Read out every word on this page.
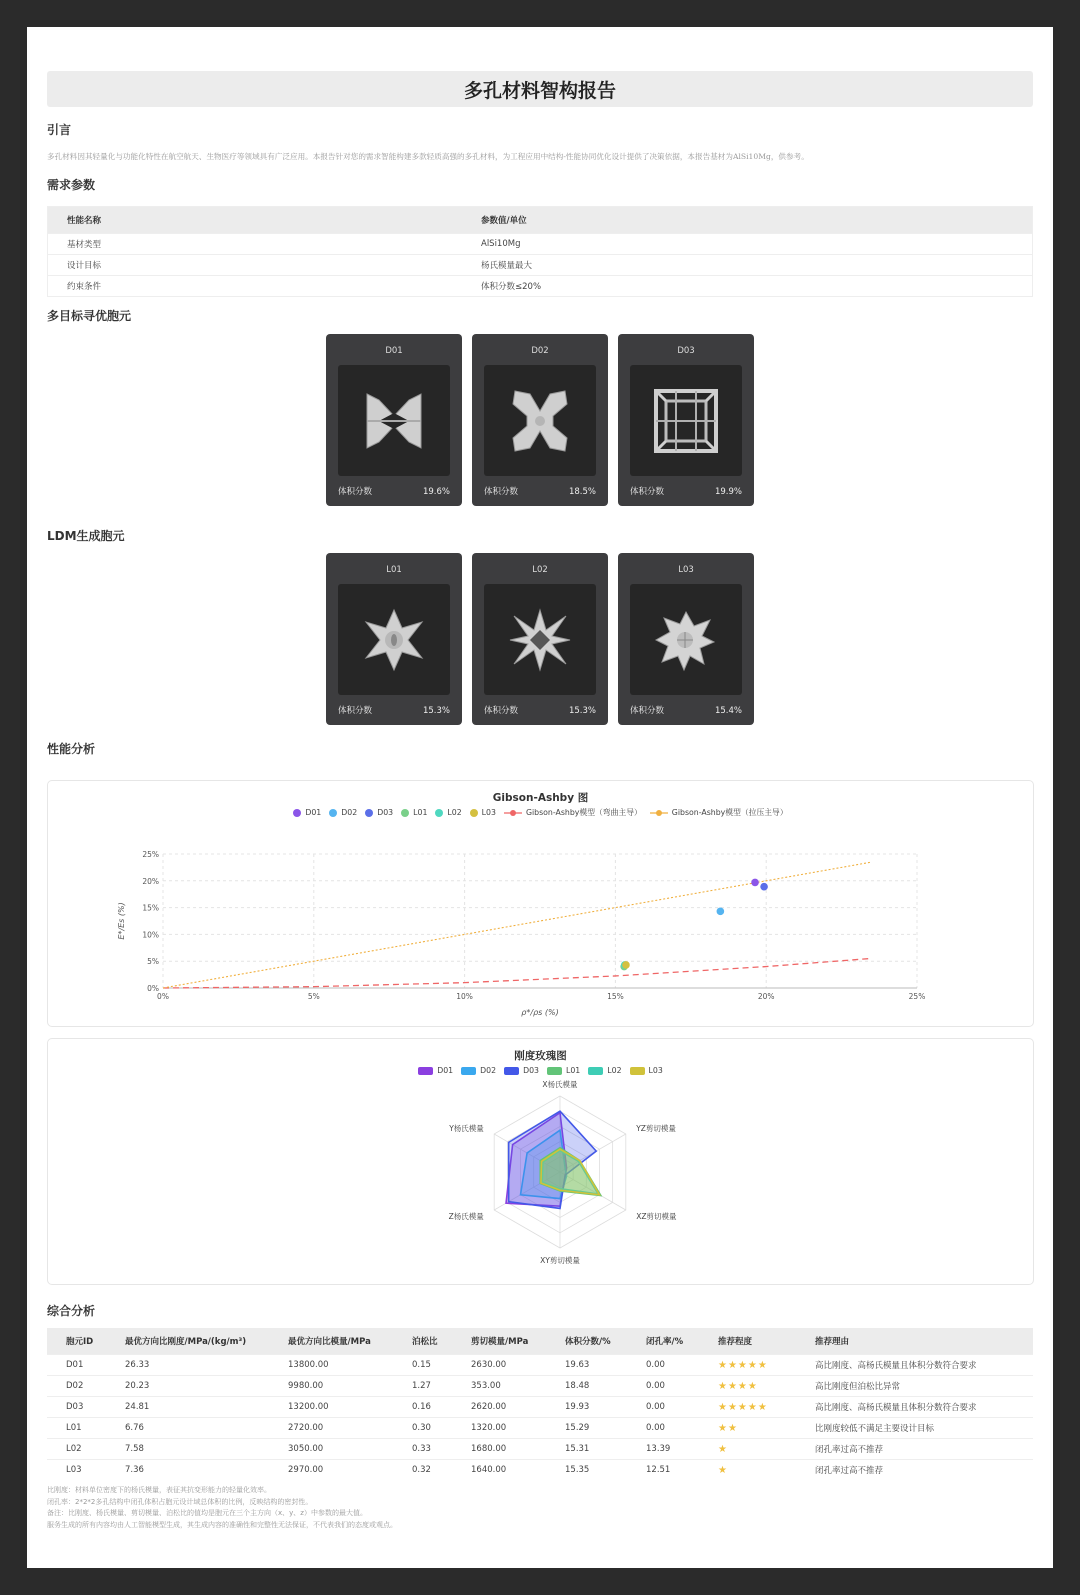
多孔材料智构报告
引言
多孔材料因其轻量化与功能化特性在航空航天、生物医疗等领域具有广泛应用。本报告针对您的需求智能构建多款轻质高强的多孔材料，为工程应用中结构-性能协同优化设计提供了决策依据，本报告基材为AlSi10Mg，供参考。
需求参数
性能名称	参数值/单位
基材类型	AlSi10Mg
设计目标	杨氏模量最大
约束条件	体积分数≤20%
多目标寻优胞元
D01
体积分数	19.6%
D02
体积分数	18.5%
D03
体积分数	19.9%
LDM生成胞元
L01
体积分数	15.3%
L02
体积分数	15.3%
L03
体积分数	15.4%
性能分析
Gibson-Ashby 图
D01	D02	D03	L01	L02	L03	Gibson-Ashby模型（弯曲主导）	Gibson-Ashby模型（拉压主导）
0%	5%	10%	15%	20%	25%
0%
5%
10%
15%
20%
25%
ρ*/ρs (%)
E*/Es (%)
刚度玫瑰图
D01	D02	D03	L01	L02	L03
X杨氏模量
YZ剪切模量
XZ剪切模量
XY剪切模量
Z杨氏模量
Y杨氏模量
综合分析
胞元ID	最优方向比刚度/MPa/(kg/m³)	最优方向比模量/MPa	泊松比	剪切模量/MPa	体积分数/%	闭孔率/%	推荐程度	推荐理由
D01	26.33	13800.00	0.15	2630.00	19.63	0.00	★★★★★	高比刚度、高杨氏模量且体积分数符合要求
D02	20.23	9980.00	1.27	353.00	18.48	0.00	★★★★	高比刚度但泊松比异常
D03	24.81	13200.00	0.16	2620.00	19.93	0.00	★★★★★	高比刚度、高杨氏模量且体积分数符合要求
L01	6.76	2720.00	0.30	1320.00	15.29	0.00	★★	比刚度较低不满足主要设计目标
L02	7.58	3050.00	0.33	1680.00	15.31	13.39	★	闭孔率过高不推荐
L03	7.36	2970.00	0.32	1640.00	15.35	12.51	★	闭孔率过高不推荐
比刚度：材料单位密度下的杨氏模量，表征其抗变形能力的轻量化效率。
闭孔率：2*2*2多孔结构中闭孔体积占胞元设计域总体积的比例，反映结构的密封性。
备注：比刚度、杨氏模量、剪切模量、泊松比的值均是胞元在三个主方向（x、y、z）中参数的最大值。
服务生成的所有内容均由人工智能模型生成，其生成内容的准确性和完整性无法保证，不代表我们的态度或观点。
